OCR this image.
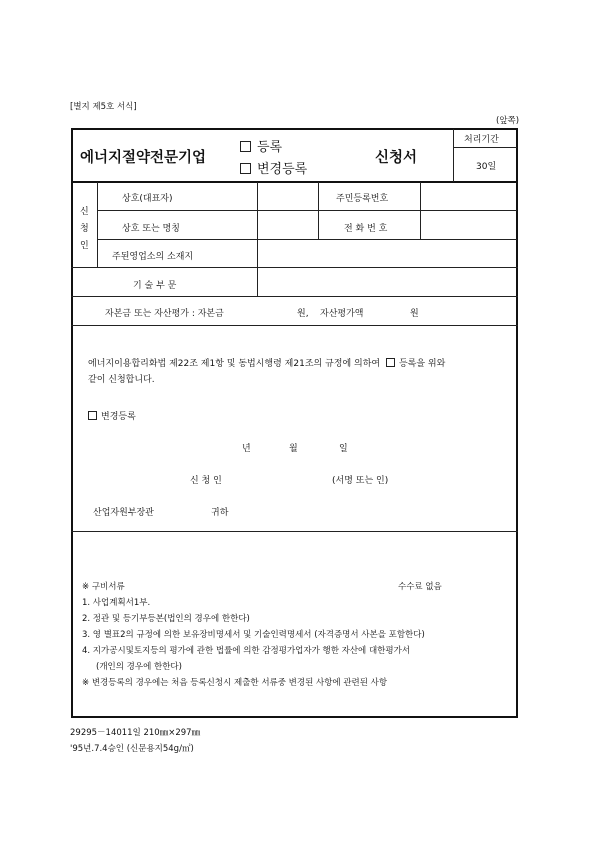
[별지 제5호 서식]
(앞쪽)
에너지절약전문기업
등록
변경등록
신청서
처리기간
30일
신
청
인
상호(대표자)	주민등록번호
상호 또는 명칭	전 화 번 호
주된영업소의 소재지
기 술 부 문
자본금 또는 자산평가 : 자본금	원, 자산평가액	원
에너지이용합리화법 제22조 제1항 및 동법시행령 제21조의 규정에 의하여 등록을 위와
같이 신청합니다.
변경등록
년	월	일
신 청 인	(서명 또는 인)
산업자원부장관	귀하
※ 구비서류	수수료 없음
1. 사업계획서1부.
2. 정관 및 등기부등본(법인의 경우에 한한다)
3. 영 별표2의 규정에 의한 보유장비명세서 및 기술인력명세서 (자격증명서 사본을 포함한다)
4. 지가공시및토지등의 평가에 관한 법률에 의한 감정평가업자가 행한 자산에 대한평가서
(개인의 경우에 한한다)
※ 변경등록의 경우에는 처음 등록신청시 제출한 서류중 변경된 사항에 관련된 사항
29295－14011일 210㎜×297㎜
'95년.7.4승인 (신문용지54g/㎡)
